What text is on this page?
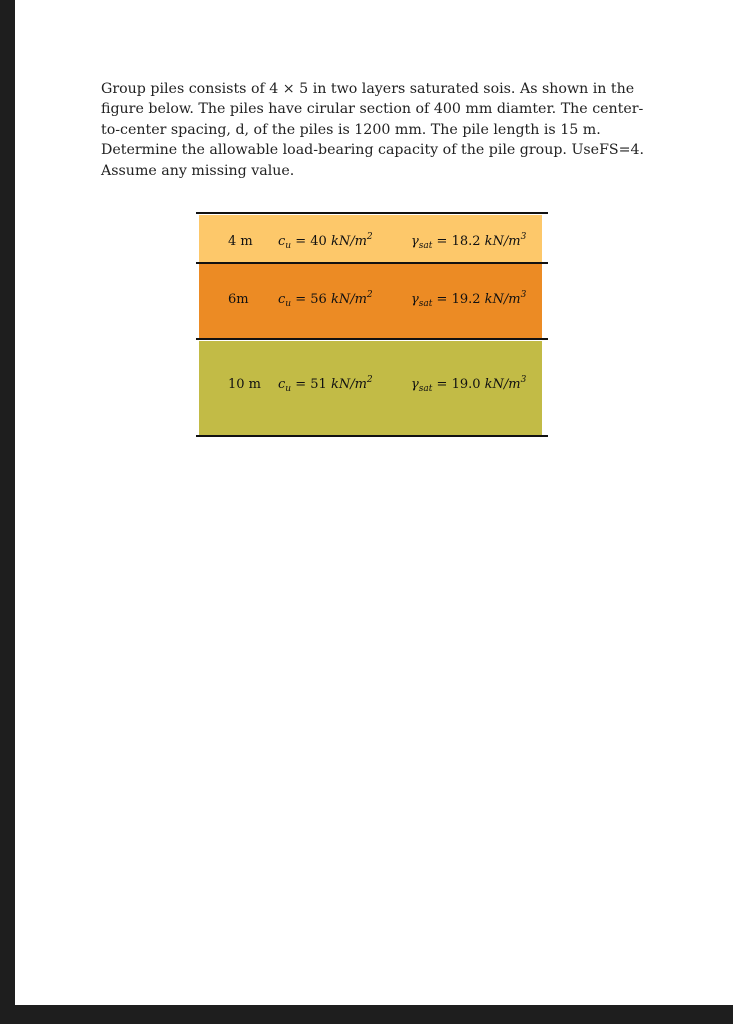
Group piles consists of 4 × 5 in two layers saturated sois. As shown in the
figure below. The piles have cirular section of 400 mm diamter. The center-
to-center spacing, d, of the piles is 1200 mm. The pile length is 15 m.
Determine the allowable load-bearing capacity of the pile group. UseFS=4.
Assume any missing value.

4 m	$c_u = 40$ $kN/m^2$	$\gamma_{sat} = 18.2$ $kN/m^3$
6m	$c_u = 56$ $kN/m^2$	$\gamma_{sat} = 19.2$ $kN/m^3$
10 m	$c_u = 51$ $kN/m^2$	$\gamma_{sat} = 19.0$ $kN/m^3$
